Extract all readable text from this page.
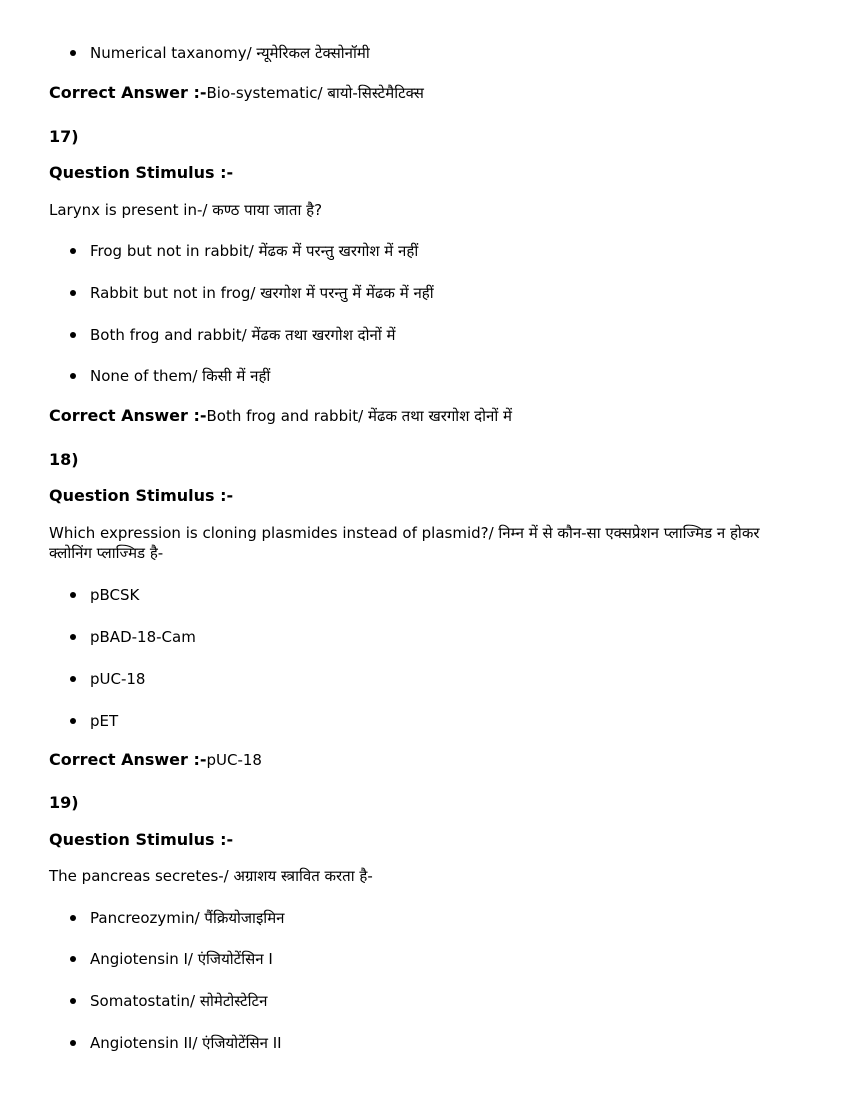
Numerical taxanomy/ न्यूमेरिकल टेक्सोनॉमी
Correct Answer :-Bio-systematic/ बायो-सिस्टेमैटिक्स
17)
Question Stimulus :-
Larynx is present in-/ कण्ठ पाया जाता है?
Frog but not in rabbit/ मेंढक में परन्तु खरगोश में नहीं
Rabbit but not in frog/ खरगोश में परन्तु में मेंढक में नहीं
Both frog and rabbit/ मेंढक तथा खरगोश दोनों में
None of them/ किसी में नहीं
Correct Answer :-Both frog and rabbit/ मेंढक तथा खरगोश दोनों में
18)
Question Stimulus :-
Which expression is cloning plasmides instead of plasmid?/ निम्न में से कौन-सा एक्सप्रेशन प्लाज्मिड न होकर क्लोनिंग प्लाज्मिड है-
pBCSK
pBAD-18-Cam
pUC-18
pET
Correct Answer :-pUC-18
19)
Question Stimulus :-
The pancreas secretes-/ अग्राशय स्त्रावित करता है-
Pancreozymin/ पैंक्रियोजाइमिन
Angiotensin I/ एंजियोटेंसिन I
Somatostatin/ सोमेटोस्टेटिन
Angiotensin II/ एंजियोटेंसिन II
